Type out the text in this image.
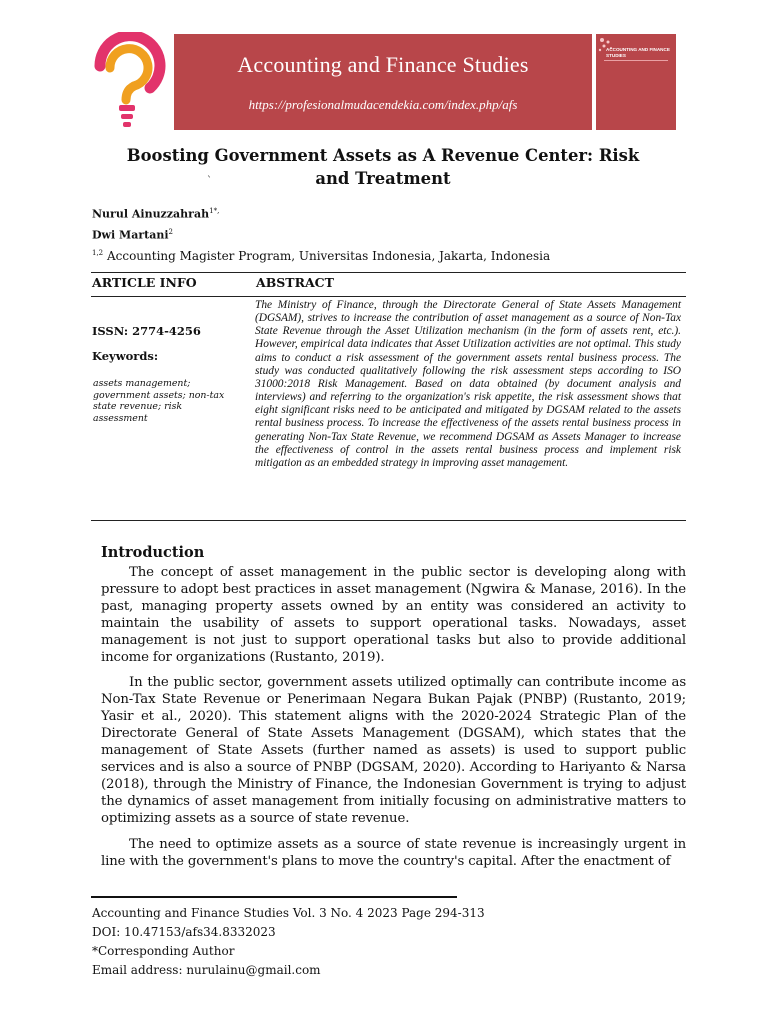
Accounting and Finance Studies
https://profesionalmudacendekia.com/index.php/afs
ACCOUNTING AND FINANCE STUDIES
Boosting Government Assets as A Revenue Center: Risk and Treatment
`
Nurul Ainuzzahrah$^{1*,}$
Dwi Martani$^2$
$^{1,2}$ Accounting Magister Program, Universitas Indonesia, Jakarta, Indonesia
ARTICLE INFO	ABSTRACT
ISSN: 2774-4256
Keywords:
assets management; government assets; non-tax state revenue; risk assessment
The Ministry of Finance, through the Directorate General of State Assets Management (DGSAM), strives to increase the contribution of asset management as a source of Non-Tax State Revenue through the Asset Utilization mechanism (in the form of assets rent, etc.). However, empirical data indicates that Asset Utilization activities are not optimal. This study aims to conduct a risk assessment of the government assets rental business process. The study was conducted qualitatively following the risk assessment steps according to ISO 31000:2018 Risk Management. Based on data obtained (by document analysis and interviews) and referring to the organization's risk appetite, the risk assessment shows that eight significant risks need to be anticipated and mitigated by DGSAM related to the assets rental business process. To increase the effectiveness of the assets rental business process in generating Non-Tax State Revenue, we recommend DGSAM as Assets Manager to increase the effectiveness of control in the assets rental business process and implement risk mitigation as an embedded strategy in improving asset management.
Introduction
The concept of asset management in the public sector is developing along with pressure to adopt best practices in asset management (Ngwira & Manase, 2016). In the past, managing property assets owned by an entity was considered an activity to maintain the usability of assets to support operational tasks. Nowadays, asset management is not just to support operational tasks but also to provide additional income for organizations (Rustanto, 2019).
In the public sector, government assets utilized optimally can contribute income as Non-Tax State Revenue or Penerimaan Negara Bukan Pajak (PNBP) (Rustanto, 2019; Yasir et al., 2020). This statement aligns with the 2020-2024 Strategic Plan of the Directorate General of State Assets Management (DGSAM), which states that the management of State Assets (further named as assets) is used to support public services and is also a source of PNBP (DGSAM, 2020). According to Hariyanto & Narsa (2018), through the Ministry of Finance, the Indonesian Government is trying to adjust the dynamics of asset management from initially focusing on administrative matters to optimizing assets as a source of state revenue.
The need to optimize assets as a source of state revenue is increasingly urgent in line with the government's plans to move the country's capital. After the enactment of
Accounting and Finance Studies Vol. 3 No. 4 2023 Page 294-313
DOI: 10.47153/afs34.8332023
*Corresponding Author
Email address: nurulainu@gmail.com
